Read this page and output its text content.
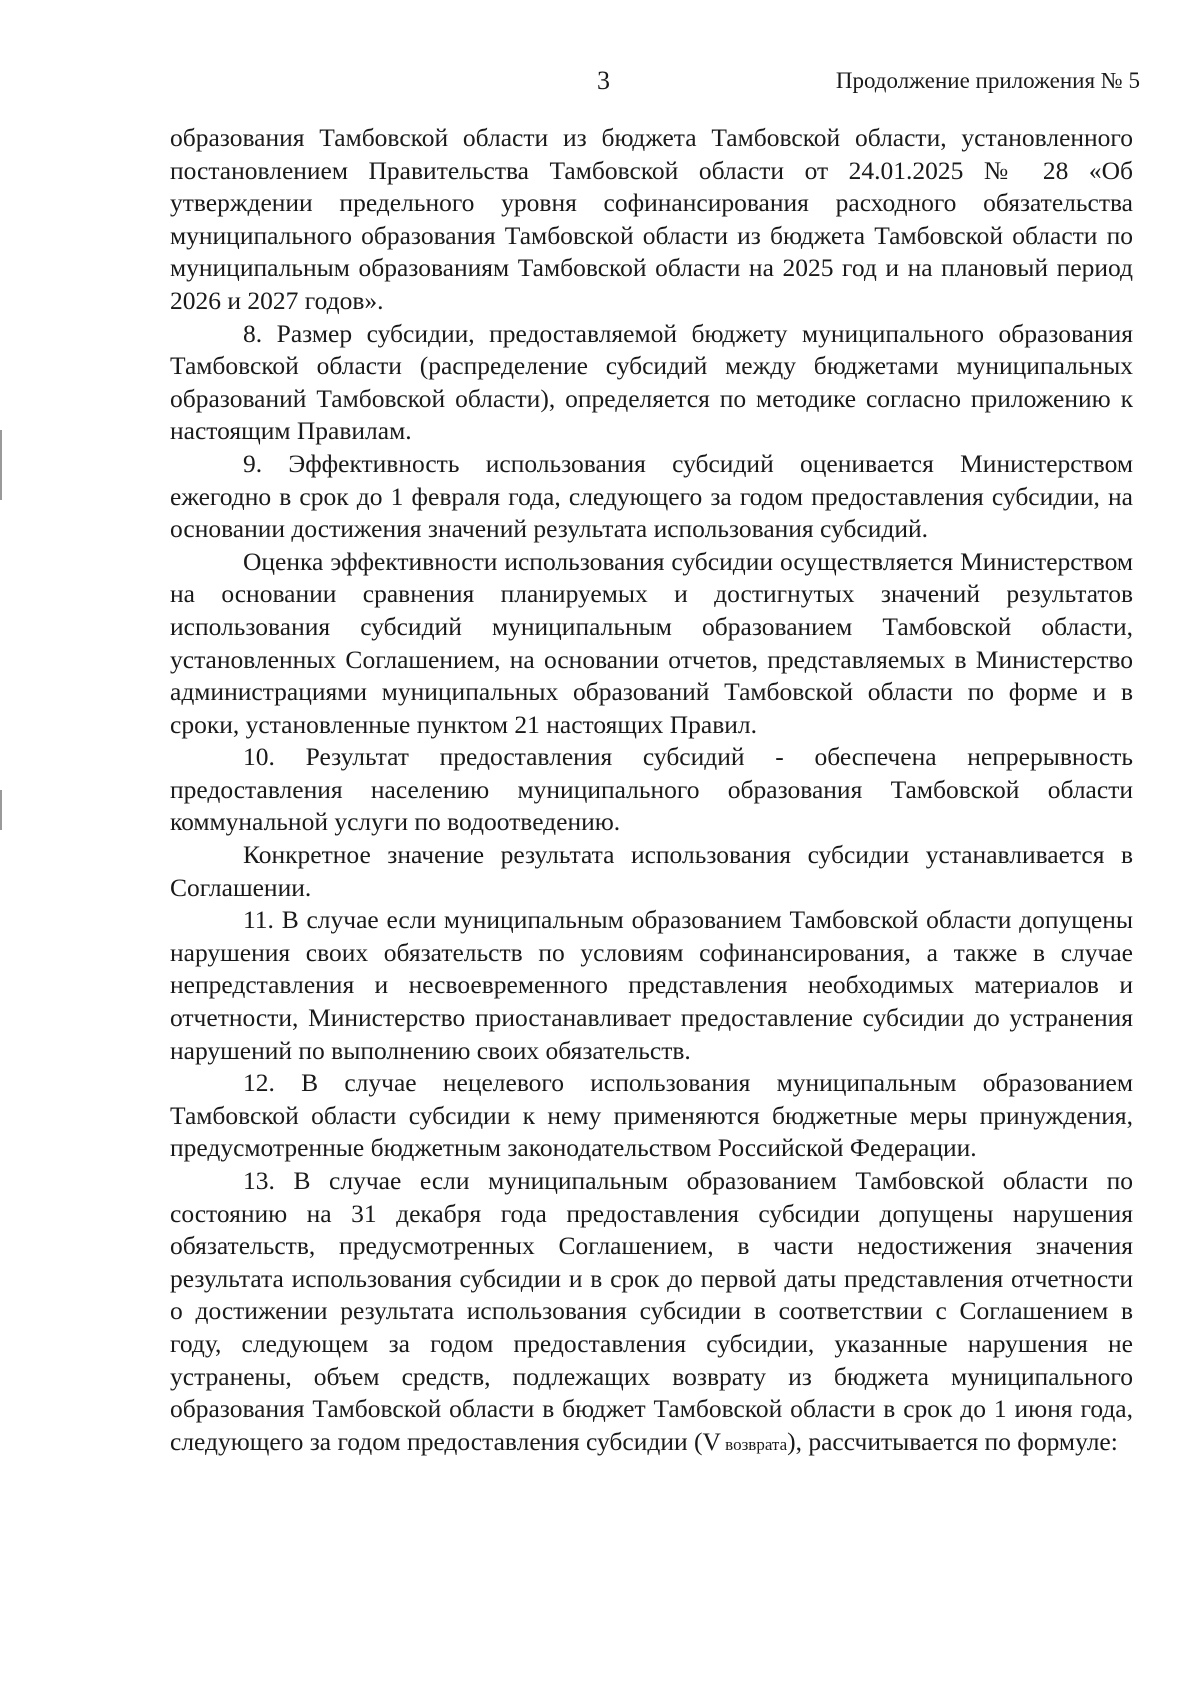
3	Продолжение приложения № 5

образования Тамбовской области из бюджета Тамбовской области, установленного постановлением Правительства Тамбовской области от 24.01.2025 № 28 «Об утверждении предельного уровня софинансирования расходного обязательства муниципального образования Тамбовской области из бюджета Тамбовской области по муниципальным образованиям Тамбовской области на 2025 год и на плановый период 2026 и 2027 годов».

8. Размер субсидии, предоставляемой бюджету муниципального образования Тамбовской области (распределение субсидий между бюджетами муниципальных образований Тамбовской области), определяется по методике согласно приложению к настоящим Правилам.

9. Эффективность использования субсидий оценивается Министерством ежегодно в срок до 1 февраля года, следующего за годом предоставления субсидии, на основании достижения значений результата использования субсидий.

Оценка эффективности использования субсидии осуществляется Министерством на основании сравнения планируемых и достигнутых значений результатов использования субсидий муниципальным образованием Тамбовской области, установленных Соглашением, на основании отчетов, представляемых в Министерство администрациями муниципальных образований Тамбовской области по форме и в сроки, установленные пунктом 21 настоящих Правил.

10. Результат предоставления субсидий - обеспечена непрерывность предоставления населению муниципального образования Тамбовской области коммунальной услуги по водоотведению.

Конкретное значение результата использования субсидии устанавливается в Соглашении.

11. В случае если муниципальным образованием Тамбовской области допущены нарушения своих обязательств по условиям софинансирования, а также в случае непредставления и несвоевременного представления необходимых материалов и отчетности, Министерство приостанавливает предоставление субсидии до устранения нарушений по выполнению своих обязательств.

12. В случае нецелевого использования муниципальным образованием Тамбовской области субсидии к нему применяются бюджетные меры принуждения, предусмотренные бюджетным законодательством Российской Федерации.

13. В случае если муниципальным образованием Тамбовской области по состоянию на 31 декабря года предоставления субсидии допущены нарушения обязательств, предусмотренных Соглашением, в части недостижения значения результата использования субсидии и в срок до первой даты представления отчетности о достижении результата использования субсидии в соответствии с Соглашением в году, следующем за годом предоставления субсидии, указанные нарушения не устранены, объем средств, подлежащих возврату из бюджета муниципального образования Тамбовской области в бюджет Тамбовской области в срок до 1 июня года, следующего за годом предоставления субсидии (V возврата), рассчитывается по формуле:
